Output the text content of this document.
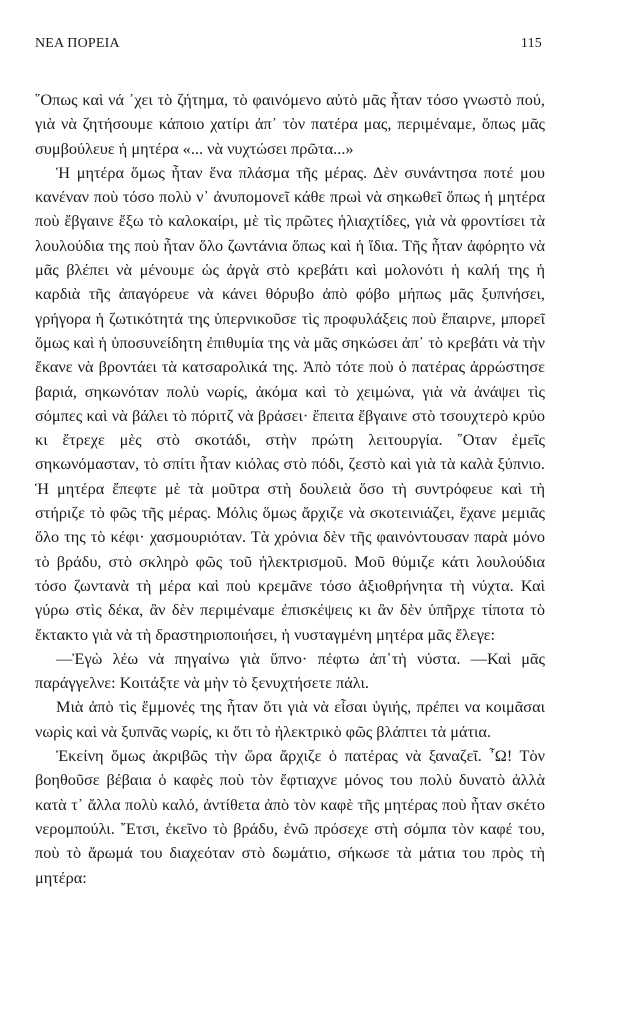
ΝΕΑ ΠΟΡΕΙΑ	115

῞Οπως καὶ νά ᾽χει τὸ ζήτημα, τὸ φαινόμενο αὐτὸ μᾶς ἦταν τόσο γνωστὸ πού, γιὰ νὰ ζητήσουμε κάποιο χατίρι ἀπ᾽ τὸν πατέρα μας, περιμέναμε, ὅπως μᾶς συμβούλευε ἡ μητέρα «... νὰ νυχτώσει πρῶτα...»

Ἡ μητέρα ὅμως ἦταν ἕνα πλάσμα τῆς μέρας. Δὲν συνάντησα ποτέ μου κανέναν ποὺ τόσο πολὺ ν᾽ ἀνυπομονεῖ κάθε πρωὶ νὰ σηκωθεῖ ὅπως ἡ μητέρα ποὺ ἔβγαινε ἔξω τὸ καλοκαίρι, μὲ τὶς πρῶτες ἡλιαχτίδες, γιὰ νὰ φροντίσει τὰ λουλούδια της ποὺ ἦταν ὅλο ζωντάνια ὅπως καὶ ἡ ἴδια. Τῆς ἦταν ἀφόρητο νὰ μᾶς βλέπει νὰ μένουμε ὡς ἀργὰ στὸ κρεβάτι καὶ μολονότι ἡ καλή της ἡ καρδιὰ τῆς ἀπαγόρευε νὰ κάνει θόρυβο ἀπὸ φόβο μήπως μᾶς ξυπνήσει, γρήγορα ἡ ζωτικότητά της ὑπερνικοῦσε τὶς προφυλάξεις ποὺ ἔπαιρνε, μπορεῖ ὅμως καὶ ἡ ὑποσυνείδητη ἐπιθυμία της νὰ μᾶς σηκώσει ἀπ᾽ τὸ κρεβάτι νὰ τὴν ἔκανε νὰ βροντάει τὰ κατσαρολικά της. Ἀπὸ τότε ποὺ ὁ πατέρας ἀρρώστησε βαριά, σηκωνόταν πολὺ νωρίς, ἀκόμα καὶ τὸ χειμώνα, γιὰ νὰ ἀνάψει τὶς σόμπες καὶ νὰ βάλει τὸ πόριτζ νὰ βράσει· ἔπειτα ἔβγαινε στὸ τσουχτερὸ κρύο κι ἔτρεχε μὲς στὸ σκοτάδι, στὴν πρώτη λειτουργία. ῞Οταν ἐμεῖς σηκωνόμασταν, τὸ σπίτι ἦταν κιόλας στὸ πόδι, ζεστὸ καὶ γιὰ τὰ καλὰ ξύπνιο. Ἡ μητέρα ἔπεφτε μὲ τὰ μοῦτρα στὴ δουλειὰ ὅσο τὴ συντρόφευε καὶ τὴ στήριζε τὸ φῶς τῆς μέρας. Μόλις ὅμως ἄρχιζε νὰ σκοτεινιάζει, ἔχανε μεμιᾶς ὅλο της τὸ κέφι· χασμουριόταν. Τὰ χρόνια δὲν τῆς φαινόντουσαν παρὰ μόνο τὸ βράδυ, στὸ σκληρὸ φῶς τοῦ ἠλεκτρισμοῦ. Μοῦ θύμιζε κάτι λουλούδια τόσο ζωντανὰ τὴ μέρα καὶ ποὺ κρεμᾶνε τόσο ἀξιοθρήνητα τὴ νύχτα. Καὶ γύρω στὶς δέκα, ἂν δὲν περιμέναμε ἐπισκέψεις κι ἂν δὲν ὑπῆρχε τίποτα τὸ ἔκτακτο γιὰ νὰ τὴ δραστηριοποιήσει, ἡ νυσταγμένη μητέρα μᾶς ἔλεγε:

—Ἐγὼ λέω νὰ πηγαίνω γιὰ ὕπνο· πέφτω ἀπ᾽τὴ νύστα. —Καὶ μᾶς παράγγελνε: Κοιτάξτε νὰ μὴν τὸ ξενυχτήσετε πάλι.

Μιὰ ἀπὸ τὶς ἔμμονές της ἦταν ὅτι γιὰ νὰ εἶσαι ὑγιής, πρέπει να κοιμᾶσαι νωρὶς καὶ νὰ ξυπνᾶς νωρίς, κι ὅτι τὸ ἠλεκτρικὸ φῶς βλάπτει τὰ μάτια.

Ἐκείνη ὅμως ἀκριβῶς τὴν ὥρα ἄρχιζε ὁ πατέρας νὰ ξαναζεῖ. ῏Ω! Τὸν βοηθοῦσε βέβαια ὁ καφὲς ποὺ τὸν ἔφτιαχνε μόνος του πολὺ δυνατὸ ἀλλὰ κατὰ τ᾽ ἄλλα πολὺ καλό, ἀντίθετα ἀπὸ τὸν καφὲ τῆς μητέρας ποὺ ἦταν σκέτο νερομπούλι. ῎Ετσι, ἐκεῖνο τὸ βράδυ, ἐνῶ πρόσεχε στὴ σόμπα τὸν καφέ του, ποὺ τὸ ἄρωμά του διαχεόταν στὸ δωμάτιο, σήκωσε τὰ μάτια του πρὸς τὴ μητέρα:
